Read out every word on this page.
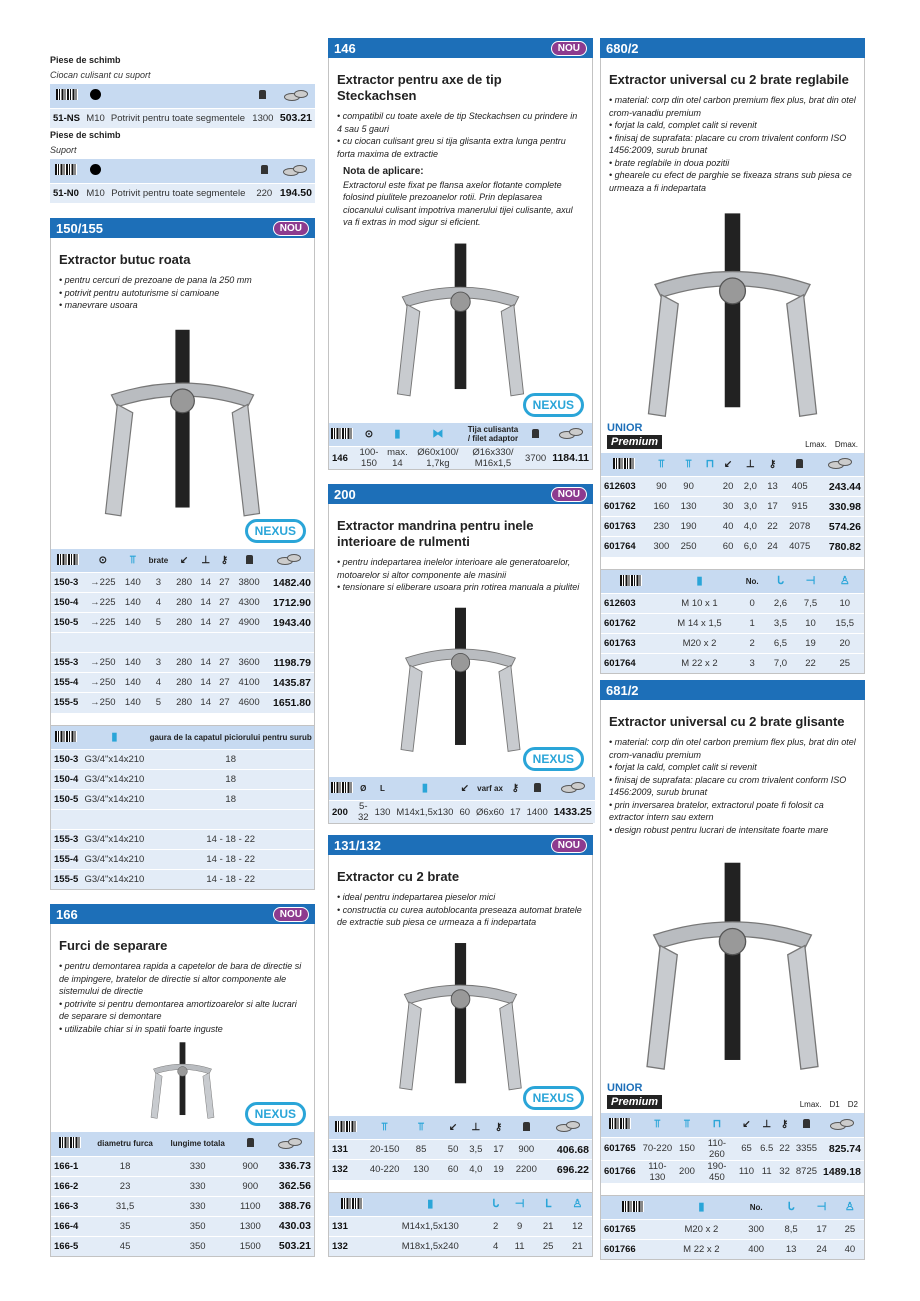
Piese de schimb
Ciocan culisant cu suport

51-NS	M10	Potrivit pentru toate segmentele	1300	503.21
Piese de schimb
Suport

51-N0	M10	Potrivit pentru toate segmentele	220	194.50
150/155	NOU
Extractor butuc roata
• pentru cercuri de prezoane de pana la 250 mm
• potrivit pentru autoturisme si camioane
• manevrare usoara
NEXUS
	⊙	⫪	brate	↙	⊥	⚷		
150-3	→225	140	3	280	14	27	3800	1482.40
150-4	→225	140	4	280	14	27	4300	1712.90
150-5	→225	140	5	280	14	27	4900	1943.40

155-3	→250	140	3	280	14	27	3600	1198.79
155-4	→250	140	4	280	14	27	4100	1435.87
155-5	→250	140	5	280	14	27	4600	1651.80
	▮	gaura de la capatul piciorului pentru surub
150-3	G3/4"x14x210	18
150-4	G3/4"x14x210	18
150-5	G3/4"x14x210	18

155-3	G3/4"x14x210	14 - 18 - 22
155-4	G3/4"x14x210	14 - 18 - 22
155-5	G3/4"x14x210	14 - 18 - 22
166	NOU
Furci de separare
• pentru demontarea rapida a capetelor de bara de directie si de impingere, bratelor de directie si altor componente ale sistemului de directie
• potrivite si pentru demontarea amortizoarelor si alte lucrari de separare si demontare
• utilizabile chiar si in spatii foarte inguste
NEXUS
	diametru furca	lungime totala		
166-1	18	330	900	336.73
166-2	23	330	900	362.56
166-3	31,5	330	1100	388.76
166-4	35	350	1300	430.03
166-5	45	350	1500	503.21
146	NOU
Extractor pentru axe de tip Steckachsen
• compatibil cu toate axele de tip Steckachsen cu prindere in 4 sau 5 gauri
• cu ciocan culisant greu si tija glisanta extra lunga pentru forta maxima de extractie
Nota de aplicare:
Extractorul este fixat pe flansa axelor flotante complete folosind piulitele prezoanelor rotii. Prin deplasarea ciocanului culisant impotriva manerului tijei culisante, axul va fi extras in mod sigur si eficient.
NEXUS
	⊙	▮	⧓	Tija culisanta / filet adaptor		
146	100-150	max. 14	Ø60x100/ 1,7kg	Ø16x330/ M16x1,5	3700	1184.11
200	NOU
Extractor mandrina pentru inele interioare de rulmenti
• pentru indepartarea inelelor interioare ale generatoarelor, motoarelor si altor componente ale masinii
• tensionare si eliberare usoara prin rotirea manuala a piulitei
NEXUS
	Ø	L	▮	↙	varf ax	⚷		
200	5-32	130	M14x1,5x130	60	Ø6x60	17	1400	1433.25
131/132	NOU
Extractor cu 2 brate
• ideal pentru indepartarea pieselor mici
• constructia cu curea autoblocanta preseaza automat bratele de extractie sub piesa ce urmeaza a fi indepartata
NEXUS
	⫪	⫪		↙	⊥	⚷		
131	20-150	85		50	3,5	17	900	406.68
132	40-220	130		60	4,0	19	2200	696.22
	▮	ᒐ	⊣	ᒪ	♙
131	M14x1,5x130	2	9	21	12
132	M18x1,5x240	4	11	25	21
680/2
Extractor universal cu 2 brate reglabile
• material: corp din otel carbon premium flex plus, brat din otel crom-vanadiu premium
• forjat la cald, complet calit si revenit
• finisaj de suprafata: placare cu crom trivalent conform ISO 1456:2009, surub brunat
• brate reglabile in doua pozitii
• ghearele cu efect de parghie se fixeaza strans sub piesa ce urmeaza a fi indepartata
UNIOR
Premium	Lmax. Dmax.
	⫪	⫪	⊓	↙	⊥	⚷		
612603	90	90		20	2,0	13	405	243.44
601762	160	130		30	3,0	17	915	330.98
601763	230	190		40	4,0	22	2078	574.26
601764	300	250		60	6,0	24	4075	780.82
	▮	No.	ᒐ	⊣	♙
612603	M 10 x 1	0	2,6	7,5	10
601762	M 14 x 1,5	1	3,5	10	15,5
601763	M20 x 2	2	6,5	19	20
601764	M 22 x 2	3	7,0	22	25
681/2
Extractor universal cu 2 brate glisante
• material: corp din otel carbon premium flex plus, brat din otel crom-vanadiu premium
• forjat la cald, complet calit si revenit
• finisaj de suprafata: placare cu crom trivalent conform ISO 1456:2009, surub brunat
• prin inversarea bratelor, extractorul poate fi folosit ca extractor intern sau extern
• design robust pentru lucrari de intensitate foarte mare
UNIOR
Premium	Lmax. D1 D2
	⫪	⫪	⊓	↙	⊥	⚷		
601765	70-220	150	110-260	65	6.5	22	3355	825.74
601766	110-130	200	190-450	110	11	32	8725	1489.18
	▮	No.	ᒐ	⊣	♙
601765	M20 x 2	300	8,5	17	25
601766	M 22 x 2	400	13	24	40
